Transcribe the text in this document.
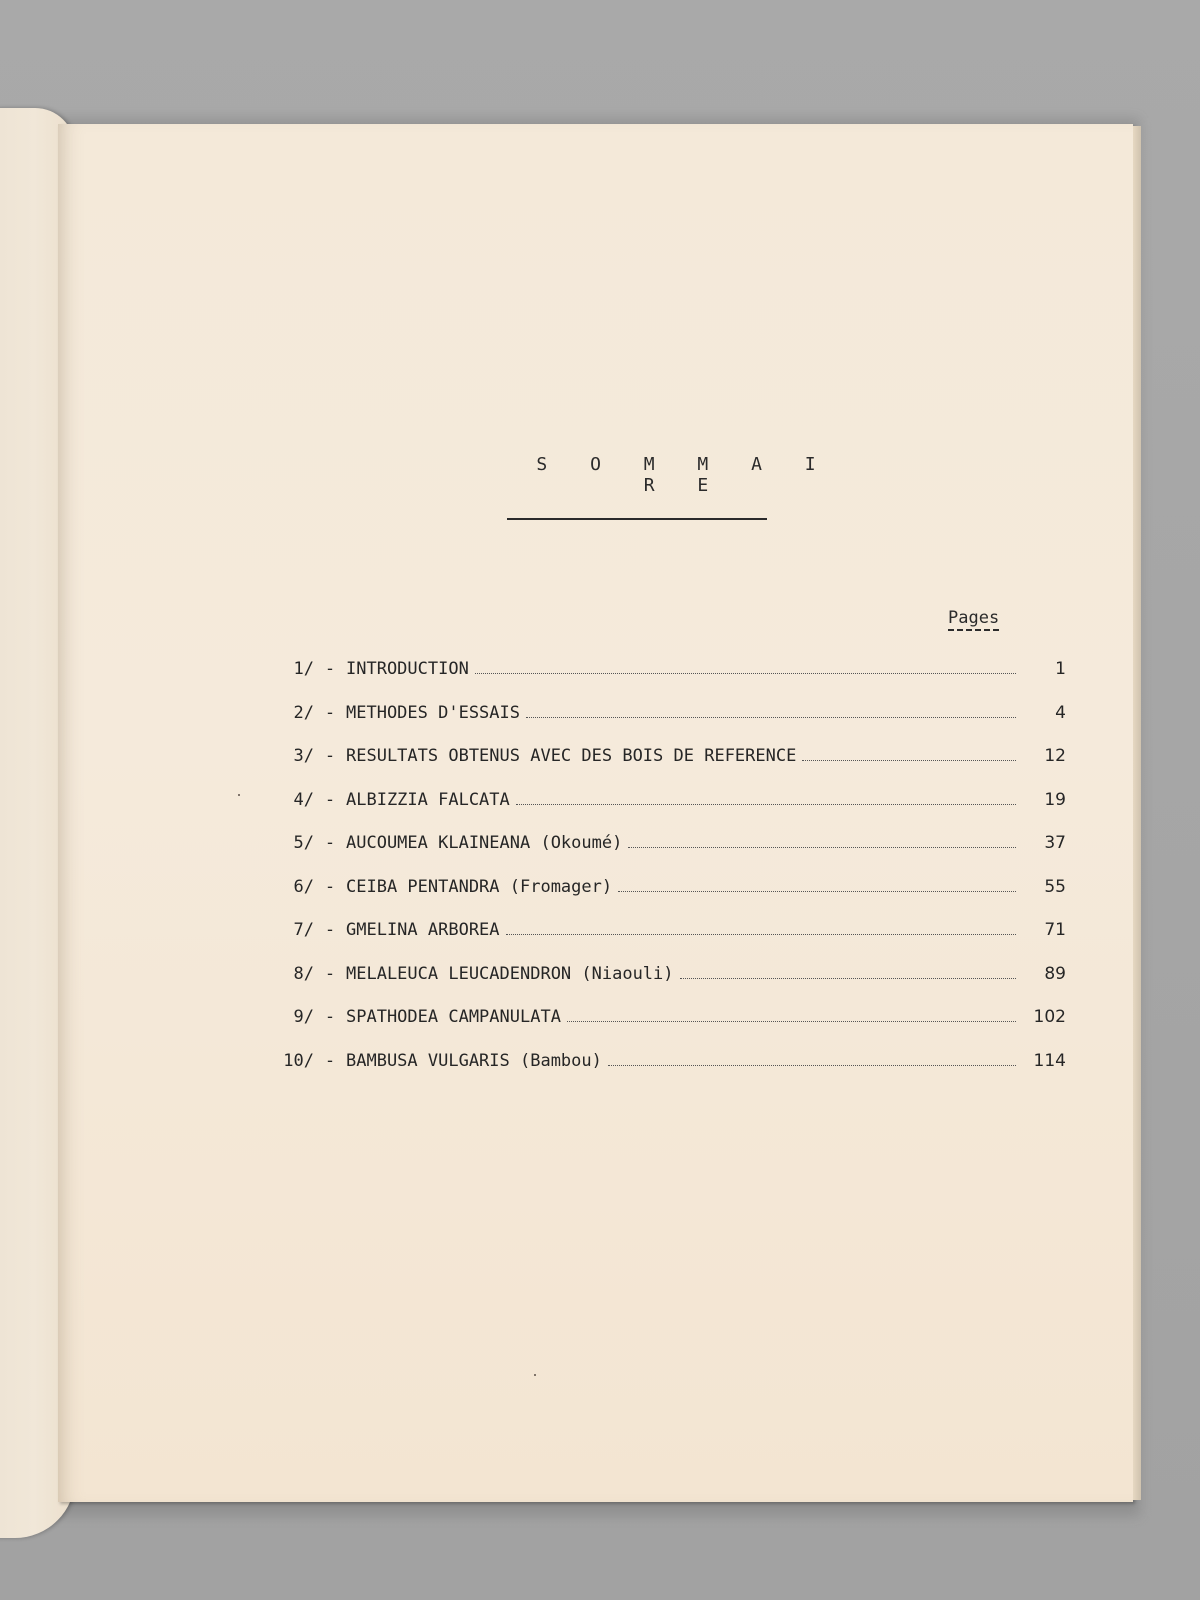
S O M M A I R E
Pages
1/ - INTRODUCTION	1
2/ - METHODES D'ESSAIS	4
3/ - RESULTATS OBTENUS AVEC DES BOIS DE REFERENCE	12
4/ - ALBIZZIA FALCATA	19
5/ - AUCOUMEA KLAINEANA (Okoumé)	37
6/ - CEIBA PENTANDRA (Fromager)	55
7/ - GMELINA ARBOREA	71
8/ - MELALEUCA LEUCADENDRON (Niaouli)	89
9/ - SPATHODEA CAMPANULATA	102
10/ - BAMBUSA VULGARIS (Bambou)	114
